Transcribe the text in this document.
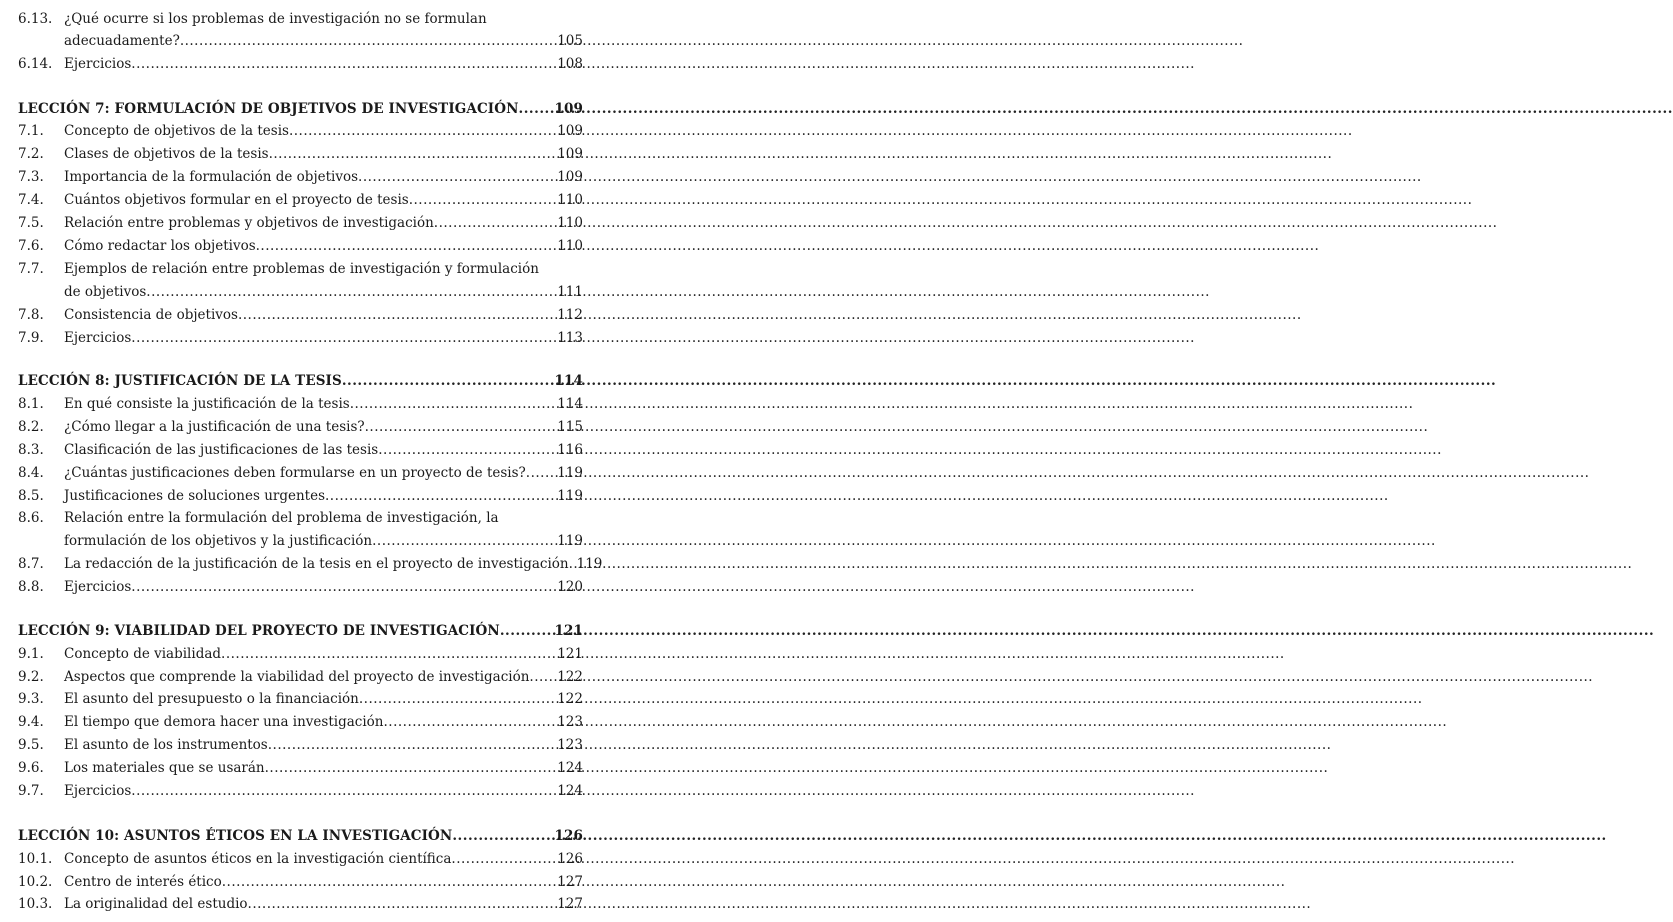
6.13. ¿Qué ocurre si los problemas de investigación no se formulan
adecuadamente? .....	105
6.14. Ejercicios .....	108
LECCIÓN 7: FORMULACIÓN DE OBJETIVOS DE INVESTIGACIÓN .....	109
7.1.	Concepto de objetivos de la tesis .....	109
7.2.	Clases de objetivos de la tesis .....	109
7.3.	Importancia de la formulación de objetivos .....	109
7.4.	Cuántos objetivos formular en el proyecto de tesis .....	110
7.5.	Relación entre problemas y objetivos de investigación .....	110
7.6.	Cómo redactar los objetivos .....	110
7.7.	Ejemplos de relación entre problemas de investigación y formulación
de objetivos .....	111
7.8.	Consistencia de objetivos .....	112
7.9.	Ejercicios .....	113
LECCIÓN 8: JUSTIFICACIÓN DE LA TESIS .....	114
8.1.	En qué consiste la justificación de la tesis .....	114
8.2.	¿Cómo llegar a la justificación de una tesis? .....	115
8.3.	Clasificación de las justificaciones de las tesis .....	116
8.4.	¿Cuántas justificaciones deben formularse en un proyecto de tesis? ..... 119
8.5.	Justificaciones de soluciones urgentes .....	119
8.6.	Relación entre la formulación del problema de investigación, la
formulación de los objetivos y la justificación .....	119
8.7.	La redacción de la justificación de la tesis en el proyecto de investigación ..... 119
8.8.	Ejercicios .....	120
LECCIÓN 9: VIABILIDAD DEL PROYECTO DE INVESTIGACIÓN .....	121
9.1.	Concepto de viabilidad .....	121
9.2.	Aspectos que comprende la viabilidad del proyecto de investigación ..... 122
9.3.	El asunto del presupuesto o la financiación .....	122
9.4.	El tiempo que demora hacer una investigación .....	123
9.5.	El asunto de los instrumentos .....	123
9.6.	Los materiales que se usarán .....	124
9.7.	Ejercicios .....	124
LECCIÓN 10: ASUNTOS ÉTICOS EN LA INVESTIGACIÓN .....	126
10.1. Concepto de asuntos éticos en la investigación científica .....	126
10.2. Centro de interés ético .....	127
10.3. La originalidad del estudio .....	127
